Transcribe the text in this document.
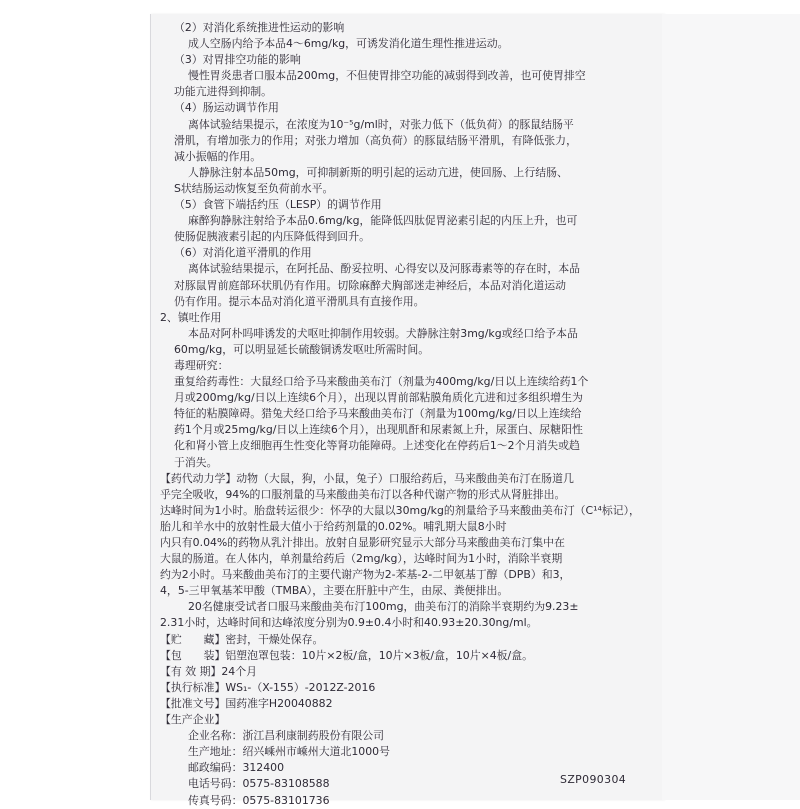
（2）对消化系统推进性运动的影响
成人空肠内给予本品4～6mg/kg，可诱发消化道生理性推进运动。
（3）对胃排空功能的影响
慢性胃炎患者口服本品200mg，不但使胃排空功能的减弱得到改善，也可使胃排空
功能亢进得到抑制。
（4）肠运动调节作用
离体试验结果提示，在浓度为10⁻⁵g/ml时，对张力低下（低负荷）的豚鼠结肠平
滑肌，有增加张力的作用；对张力增加（高负荷）的豚鼠结肠平滑肌，有降低张力，
减小振幅的作用。
人静脉注射本品50mg，可抑制新斯的明引起的运动亢进，使回肠、上行结肠、
S状结肠运动恢复至负荷前水平。
（5）食管下端括约压（LESP）的调节作用
麻醉狗静脉注射给予本品0.6mg/kg，能降低四肽促胃泌素引起的内压上升，也可
使肠促胰液素引起的内压降低得到回升。
（6）对消化道平滑肌的作用
离体试验结果提示，在阿托品、酚妥拉明、心得安以及河豚毒素等的存在时，本品
对豚鼠胃前庭部环状肌仍有作用。切除麻醉犬胸部迷走神经后，本品对消化道运动
仍有作用。提示本品对消化道平滑肌具有直接作用。
2、镇吐作用
本品对阿朴吗啡诱发的犬呕吐抑制作用较弱。犬静脉注射3mg/kg或经口给予本品
60mg/kg，可以明显延长硫酸铜诱发呕吐所需时间。
毒理研究：
重复给药毒性：大鼠经口给予马来酸曲美布汀（剂量为400mg/kg/日以上连续给药1个
月或200mg/kg/日以上连续6个月），出现以胃前部粘膜角质化亢进和过多组织增生为
特征的粘膜障碍。猎兔犬经口给予马来酸曲美布汀（剂量为100mg/kg/日以上连续给
药1个月或25mg/kg/日以上连续6个月），出现肌酐和尿素氮上升，尿蛋白、尿糖阳性
化和肾小管上皮细胞再生性变化等肾功能障碍。上述变化在停药后1～2个月消失或趋
于消失。
【药代动力学】动物（大鼠，狗，小鼠，兔子）口服给药后，马来酸曲美布汀在肠道几
乎完全吸收，94%的口服剂量的马来酸曲美布汀以各种代谢产物的形式从肾脏排出。
达峰时间为1小时。胎盘转运很少：怀孕的大鼠以30mg/kg的剂量给予马来酸曲美布汀（C¹⁴标记），胎儿和羊水中的放射性最大值小于给药剂量的0.02%。哺乳期大鼠8小时
内只有0.04%的药物从乳汁排出。放射自显影研究显示大部分马来酸曲美布汀集中在
大鼠的肠道。在人体内，单剂量给药后（2mg/kg），达峰时间为1小时，消除半衰期
约为2小时。马来酸曲美布汀的主要代谢产物为2-苯基-2-二甲氨基丁醇（DPB）和3，
4，5-三甲氧基苯甲酸（TMBA），主要在肝脏中产生，由尿、粪便排出。
20名健康受试者口服马来酸曲美布汀100mg，曲美布汀的消除半衰期约为9.23±
2.31小时，达峰时间和达峰浓度分别为0.9±0.4小时和40.93±20.30ng/ml。
【贮　　藏】密封，干燥处保存。
【包　　装】铝塑泡罩包装：10片×2板/盒，10片×3板/盒，10片×4板/盒。
【有 效 期】24个月
【执行标准】WS₁-（X-155）-2012Z-2016
【批准文号】国药准字H20040882
【生产企业】
企业名称：浙江昌利康制药股份有限公司
生产地址：绍兴嵊州市嵊州大道北1000号
邮政编码：312400
电话号码：0575-83108588
传真号码：0575-83101736
SZP090304
